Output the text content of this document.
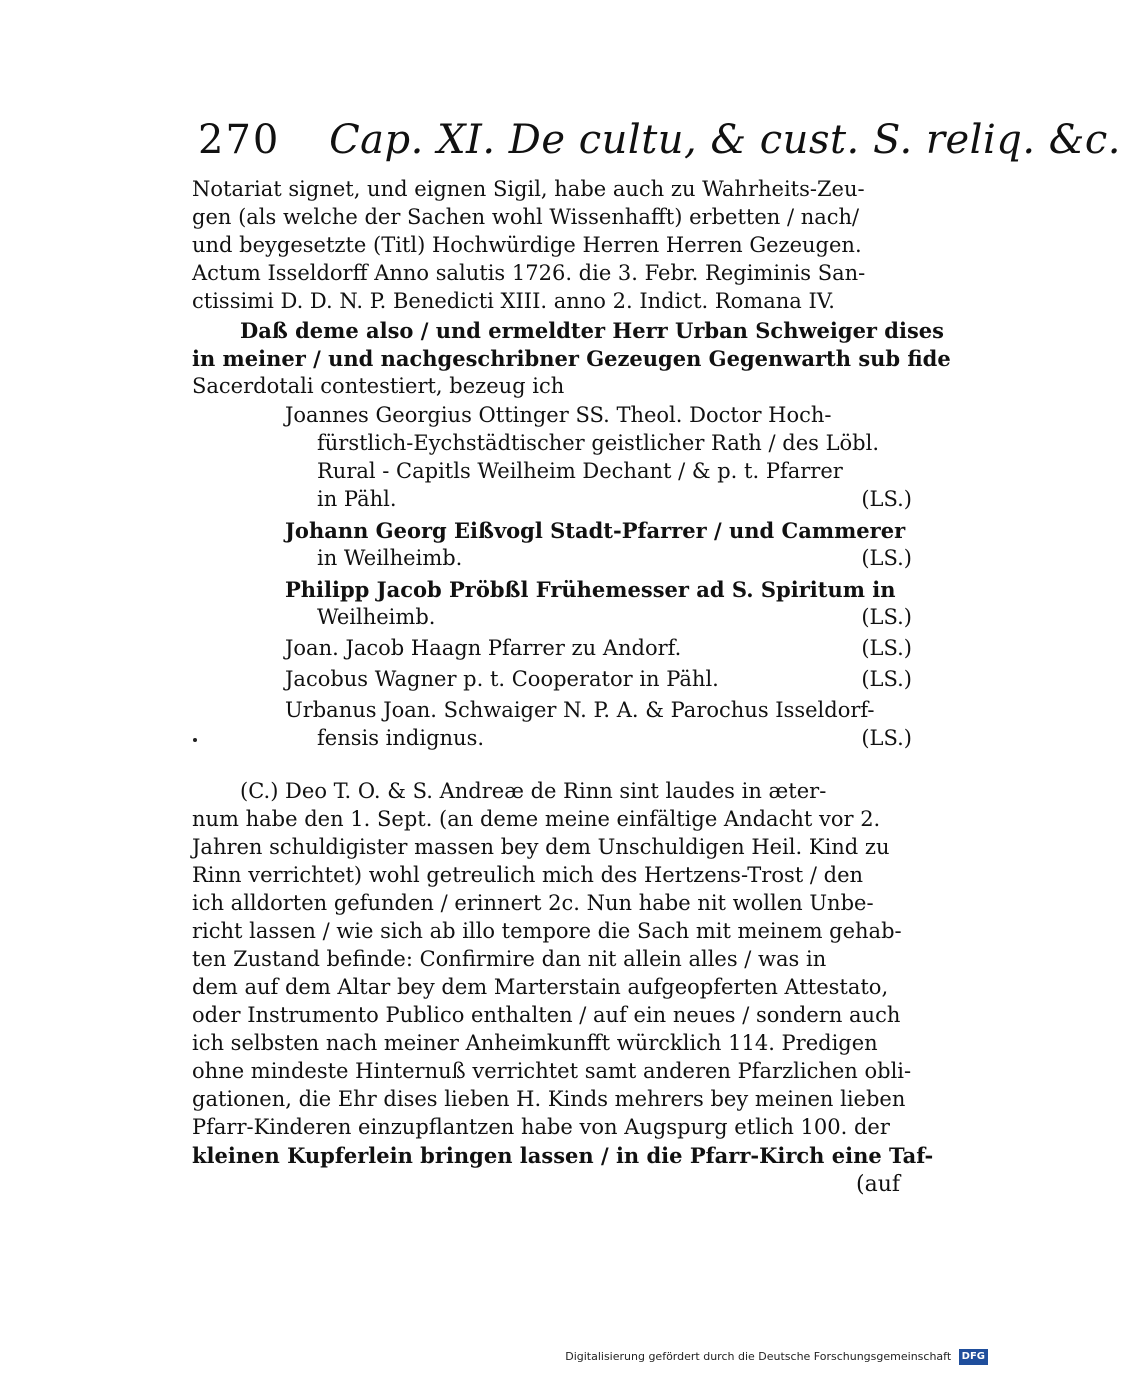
270 Cap. XI. De cultu, & cust. S. reliq. &c.
Notariat signet, und eignen Sigil, habe auch zu Wahrheits-Zeu-
gen (als welche der Sachen wohl Wissenhafft) erbetten / nach/
und beygesetzte (Titl) Hochwürdige Herren Herren Gezeugen.
Actum Isseldorff Anno salutis 1726. die 3. Febr. Regiminis San-
ctissimi D. D. N. P. Benedicti XIII. anno 2. Indict. Romana IV.
Daß deme also / und ermeldter Herr Urban Schweiger dises
in meiner / und nachgeschribner Gezeugen Gegenwarth sub fide
Sacerdotali contestiert, bezeug ich
Joannes Georgius Ottinger SS. Theol. Doctor Hoch-
fürstlich-Eychstädtischer geistlicher Rath / des Löbl.
Rural - Capitls Weilheim Dechant / & p. t. Pfarrer
in Pähl.	(LS.)
Johann Georg Eißvogl Stadt-Pfarrer / und Cammerer
in Weilheimb.	(LS.)
Philipp Jacob Pröbßl Frühemesser ad S. Spiritum in
Weilheimb.	(LS.)
Joan. Jacob Haagn Pfarrer zu Andorf.	(LS.)
Jacobus Wagner p. t. Cooperator in Pähl.	(LS.)
Urbanus Joan. Schwaiger N. P. A. & Parochus Isseldorf-
fensis indignus.	(LS.)
(C.) Deo T. O. & S. Andreæ de Rinn sint laudes in æter-
num habe den 1. Sept. (an deme meine einfältige Andacht vor 2.
Jahren schuldigister massen bey dem Unschuldigen Heil. Kind zu
Rinn verrichtet) wohl getreulich mich des Hertzens-Trost / den
ich alldorten gefunden / erinnert 2c. Nun habe nit wollen Unbe-
richt lassen / wie sich ab illo tempore die Sach mit meinem gehab-
ten Zustand befinde: Confirmire dan nit allein alles / was in
dem auf dem Altar bey dem Marterstain aufgeopferten Attestato,
oder Instrumento Publico enthalten / auf ein neues / sondern auch
ich selbsten nach meiner Anheimkunfft würcklich 114. Predigen
ohne mindeste Hinternuß verrichtet samt anderen Pfarzlichen obli-
gationen, die Ehr dises lieben H. Kinds mehrers bey meinen lieben
Pfarr-Kinderen einzupflantzen habe von Augspurg etlich 100. der
kleinen Kupferlein bringen lassen / in die Pfarr-Kirch eine Taf-
(auf
Digitalisierung gefördert durch die Deutsche Forschungsgemeinschaft DFG
